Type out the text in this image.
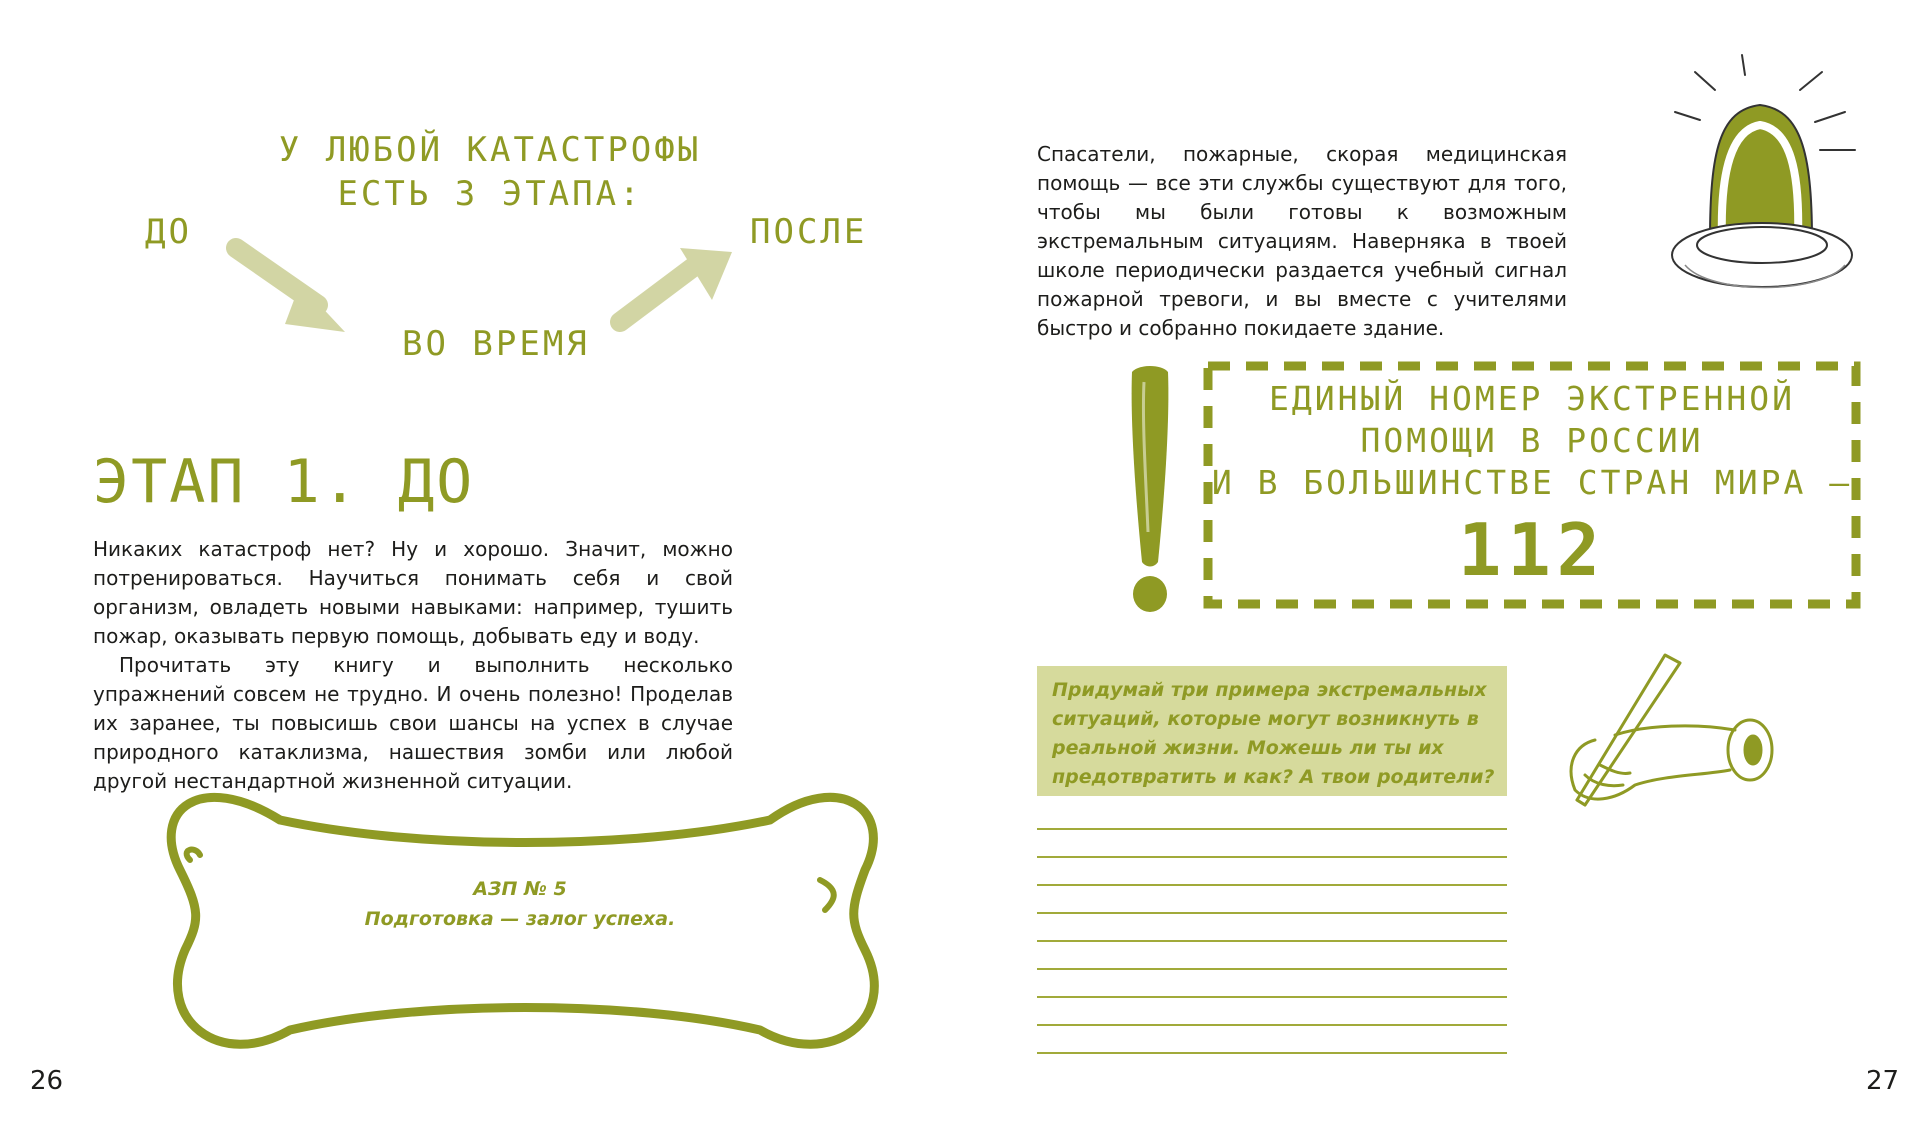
У ЛЮБОЙ КАТАСТРОФЫ
ЕСТЬ 3 ЭТАПА:
ДО
ВО ВРЕМЯ
ПОСЛЕ
ЭТАП 1. ДО

Никаких катастроф нет? Ну и хорошо. Значит, можно потренироваться. Научиться понимать себя и свой организм, овладеть новыми навыками: например, тушить пожар, оказывать первую помощь, добывать еду и воду.

Прочитать эту книгу и выполнить несколько упражнений совсем не трудно. И очень полезно! Проделав их заранее, ты повысишь свои шансы на успех в случае природного катаклизма, нашествия зомби или любой другой нестандартной жизненной ситуации.

АЗП № 5
Подготовка — залог успеха.
26

Спасатели, пожарные, скорая медицинская помощь — все эти службы существуют для того, чтобы мы были готовы к возможным экстремальным ситуациям. Наверняка в твоей школе периодически раздается учебный сигнал пожарной тревоги, и вы вместе с учителями быстро и собранно покидаете здание.

ЕДИНЫЙ НОМЕР ЭКСТРЕННОЙ
ПОМОЩИ В РОССИИ
И В БОЛЬШИНСТВЕ СТРАН МИРА —
112
Придумай три примера экстремальных ситуаций, которые могут возникнуть в реальной жизни. Можешь ли ты их предотвратить и как? А твои родители?
27
